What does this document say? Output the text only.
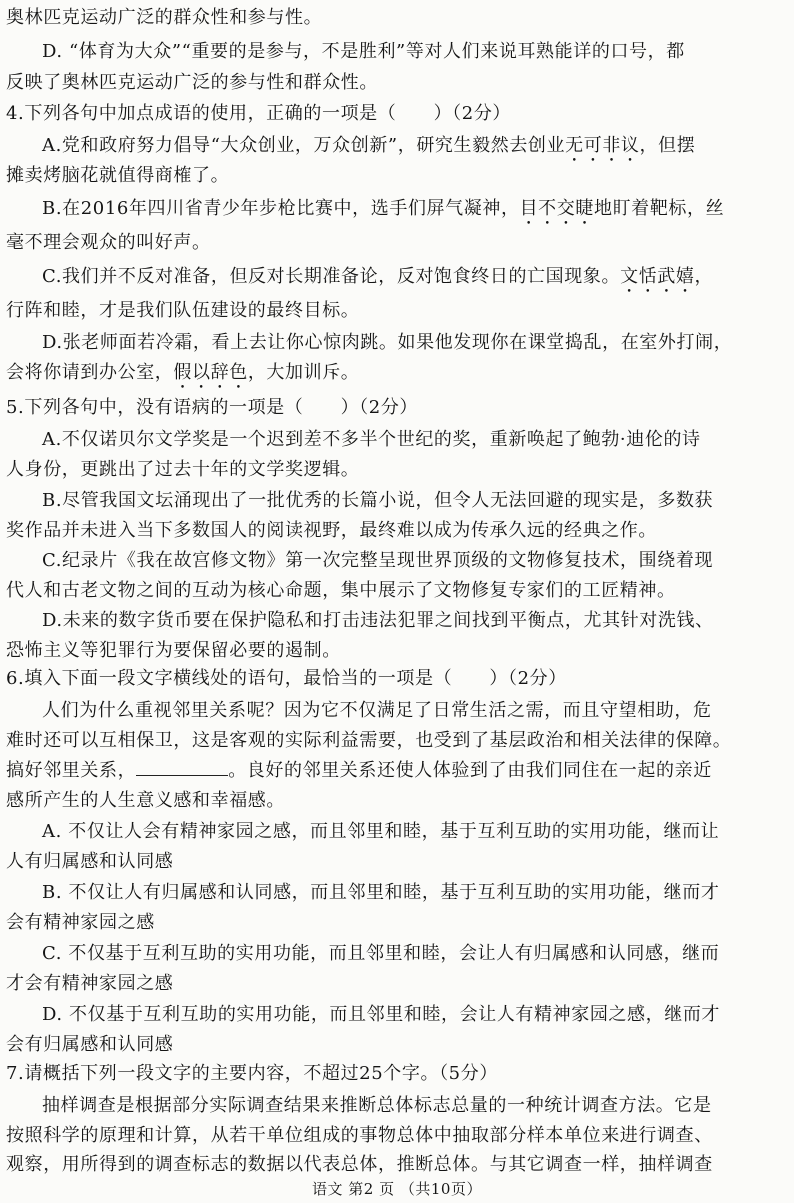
奥林匹克运动广泛的群众性和参与性。
D. “体育为大众”“重要的是参与，不是胜利”等对人们来说耳熟能详的口号，都
反映了奥林匹克运动广泛的参与性和群众性。
4.下列各句中加点成语的使用，正确的一项是（　　）（2分）
A.党和政府努力倡导“大众创业，万众创新”，研究生毅然去创业无可非议，但摆
摊卖烤脑花就值得商榷了。
B.在2016年四川省青少年步枪比赛中，选手们屏气凝神，目不交睫地盯着靶标，丝
毫不理会观众的叫好声。
C.我们并不反对准备，但反对长期准备论，反对饱食终日的亡国现象。文恬武嬉，
行阵和睦，才是我们队伍建设的最终目标。
D.张老师面若冷霜，看上去让你心惊肉跳。如果他发现你在课堂捣乱，在室外打闹，
会将你请到办公室，假以辞色，大加训斥。
5.下列各句中，没有语病的一项是（　　）（2分）
A.不仅诺贝尔文学奖是一个迟到差不多半个世纪的奖，重新唤起了鲍勃·迪伦的诗
人身份，更跳出了过去十年的文学奖逻辑。
B.尽管我国文坛涌现出了一批优秀的长篇小说，但令人无法回避的现实是，多数获
奖作品并未进入当下多数国人的阅读视野，最终难以成为传承久远的经典之作。
C.纪录片《我在故宫修文物》第一次完整呈现世界顶级的文物修复技术，围绕着现
代人和古老文物之间的互动为核心命题，集中展示了文物修复专家们的工匠精神。
D.未来的数字货币要在保护隐私和打击违法犯罪之间找到平衡点，尤其针对洗钱、
恐怖主义等犯罪行为要保留必要的遏制。
6.填入下面一段文字横线处的语句，最恰当的一项是（　　）（2分）
人们为什么重视邻里关系呢？因为它不仅满足了日常生活之需，而且守望相助，危
难时还可以互相保卫，这是客观的实际利益需要，也受到了基层政治和相关法律的保障。
搞好邻里关系，	。良好的邻里关系还使人体验到了由我们同住在一起的亲近
感所产生的人生意义感和幸福感。
A. 不仅让人会有精神家园之感，而且邻里和睦，基于互利互助的实用功能，继而让
人有归属感和认同感
B. 不仅让人有归属感和认同感，而且邻里和睦，基于互利互助的实用功能，继而才
会有精神家园之感
C. 不仅基于互利互助的实用功能，而且邻里和睦，会让人有归属感和认同感，继而
才会有精神家园之感
D. 不仅基于互利互助的实用功能，而且邻里和睦，会让人有精神家园之感，继而才
会有归属感和认同感
7.请概括下列一段文字的主要内容，不超过25个字。（5分）
抽样调查是根据部分实际调查结果来推断总体标志总量的一种统计调查方法。它是
按照科学的原理和计算，从若干单位组成的事物总体中抽取部分样本单位来进行调查、
观察，用所得到的调查标志的数据以代表总体，推断总体。与其它调查一样，抽样调查
语文 第2 页 （共10页）
